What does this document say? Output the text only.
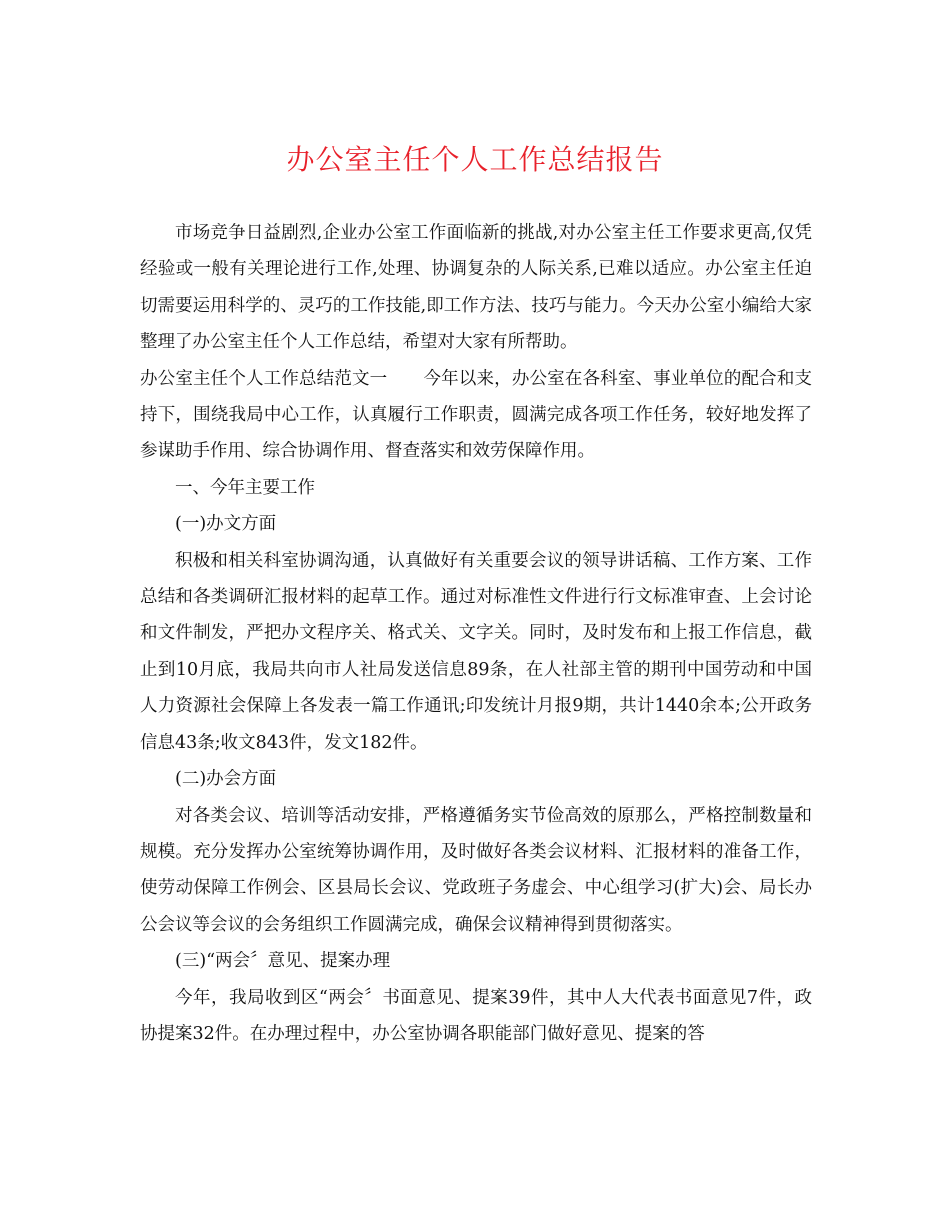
办公室主任个人工作总结报告

市场竞争日益剧烈,企业办公室工作面临新的挑战,对办公室主任工作要求更高,仅凭经验或一般有关理论进行工作,处理、协调复杂的人际关系,已难以适应。办公室主任迫切需要运用科学的、灵巧的工作技能,即工作方法、技巧与能力。今天办公室小编给大家整理了办公室主任个人工作总结，希望对大家有所帮助。

办公室主任个人工作总结范文一 今年以来，办公室在各科室、事业单位的配合和支持下，围绕我局中心工作，认真履行工作职责，圆满完成各项工作任务，较好地发挥了参谋助手作用、综合协调作用、督查落实和效劳保障作用。

一、今年主要工作

(一)办文方面

积极和相关科室协调沟通，认真做好有关重要会议的领导讲话稿、工作方案、工作总结和各类调研汇报材料的起草工作。通过对标准性文件进行行文标准审查、上会讨论和文件制发，严把办文程序关、格式关、文字关。同时，及时发布和上报工作信息，截止到10月底，我局共向市人社局发送信息89条，在人社部主管的期刊中国劳动和中国人力资源社会保障上各发表一篇工作通讯;印发统计月报9期，共计1440余本;公开政务信息43条;收文843件，发文182件。

(二)办会方面

对各类会议、培训等活动安排，严格遵循务实节俭高效的原那么，严格控制数量和规模。充分发挥办公室统筹协调作用，及时做好各类会议材料、汇报材料的准备工作，使劳动保障工作例会、区县局长会议、党政班子务虚会、中心组学习(扩大)会、局长办公会议等会议的会务组织工作圆满完成，确保会议精神得到贯彻落实。

(三)“两会〞意见、提案办理

今年，我局收到区“两会〞书面意见、提案39件，其中人大代表书面意见7件，政协提案32件。在办理过程中，办公室协调各职能部门做好意见、提案的答
